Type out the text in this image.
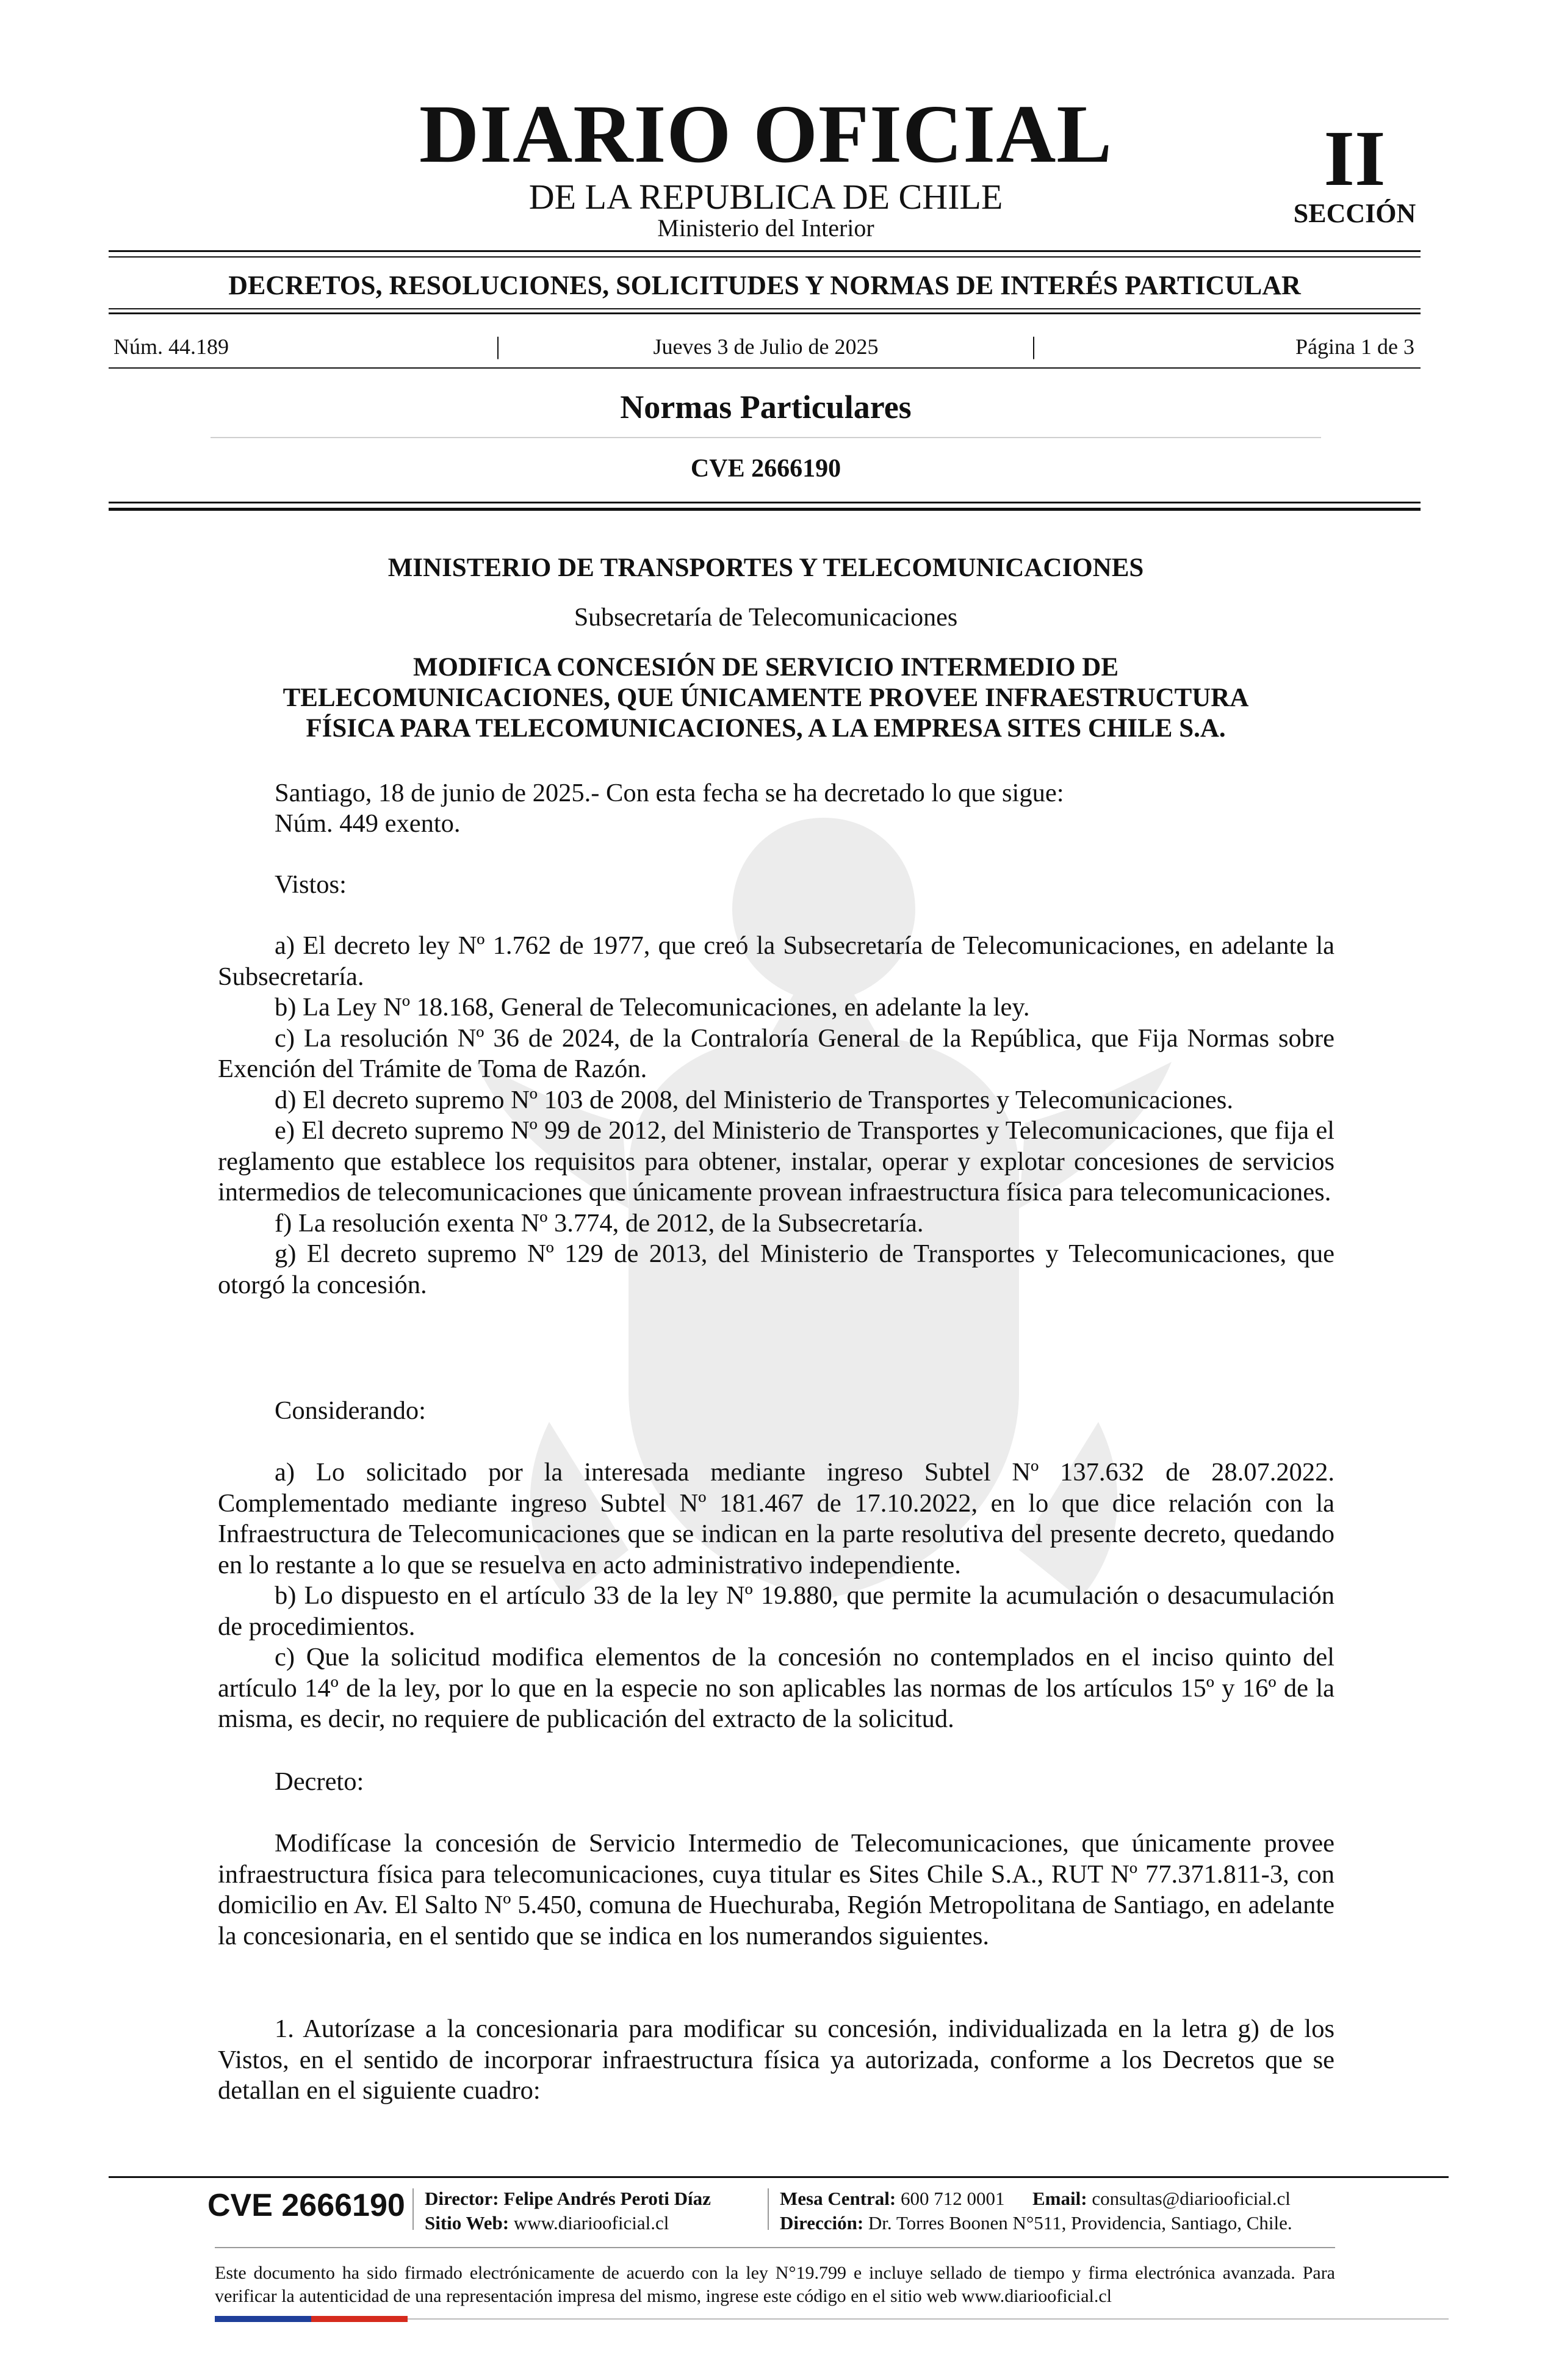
DIARIO OFICIAL
DE LA REPUBLICA DE CHILE
Ministerio del Interior
II
SECCIÓN
DECRETOS, RESOLUCIONES, SOLICITUDES Y NORMAS DE INTERÉS PARTICULAR
Núm. 44.189	|	Jueves 3 de Julio de 2025	|	Página 1 de 3
Normas Particulares
CVE 2666190
MINISTERIO DE TRANSPORTES Y TELECOMUNICACIONES
Subsecretaría de Telecomunicaciones
MODIFICA CONCESIÓN DE SERVICIO INTERMEDIO DE
TELECOMUNICACIONES, QUE ÚNICAMENTE PROVEE INFRAESTRUCTURA
FÍSICA PARA TELECOMUNICACIONES, A LA EMPRESA SITES CHILE S.A.
Santiago, 18 de junio de 2025.- Con esta fecha se ha decretado lo que sigue:
Núm. 449 exento.
Vistos:

a) El decreto ley Nº 1.762 de 1977, que creó la Subsecretaría de Telecomunicaciones, en adelante la Subsecretaría.

b) La Ley Nº 18.168, General de Telecomunicaciones, en adelante la ley.

c) La resolución Nº 36 de 2024, de la Contraloría General de la República, que Fija Normas sobre Exención del Trámite de Toma de Razón.

d) El decreto supremo Nº 103 de 2008, del Ministerio de Transportes y Telecomunicaciones.

e) El decreto supremo Nº 99 de 2012, del Ministerio de Transportes y Telecomunicaciones, que fija el reglamento que establece los requisitos para obtener, instalar, operar y explotar concesiones de servicios intermedios de telecomunicaciones que únicamente provean infraestructura física para telecomunicaciones.

f) La resolución exenta Nº 3.774, de 2012, de la Subsecretaría.

g) El decreto supremo Nº 129 de 2013, del Ministerio de Transportes y Telecomunicaciones, que otorgó la concesión.

Considerando:

a) Lo solicitado por la interesada mediante ingreso Subtel Nº 137.632 de 28.07.2022. Complementado mediante ingreso Subtel Nº 181.467 de 17.10.2022, en lo que dice relación con la Infraestructura de Telecomunicaciones que se indican en la parte resolutiva del presente decreto, quedando en lo restante a lo que se resuelva en acto administrativo independiente.

b) Lo dispuesto en el artículo 33 de la ley Nº 19.880, que permite la acumulación o desacumulación de procedimientos.

c) Que la solicitud modifica elementos de la concesión no contemplados en el inciso quinto del artículo 14º de la ley, por lo que en la especie no son aplicables las normas de los artículos 15º y 16º de la misma, es decir, no requiere de publicación del extracto de la solicitud.

Decreto:

Modifícase la concesión de Servicio Intermedio de Telecomunicaciones, que únicamente provee infraestructura física para telecomunicaciones, cuya titular es Sites Chile S.A., RUT Nº 77.371.811-3, con domicilio en Av. El Salto Nº 5.450, comuna de Huechuraba, Región Metropolitana de Santiago, en adelante la concesionaria, en el sentido que se indica en los numerandos siguientes.

1. Autorízase a la concesionaria para modificar su concesión, individualizada en la letra g) de los Vistos, en el sentido de incorporar infraestructura física ya autorizada, conforme a los Decretos que se detallan en el siguiente cuadro:

CVE 2666190 Director: Felipe Andrés Peroti Díaz
Sitio Web: www.diariooficial.cl
Mesa Central: 600 712 0001 Email: consultas@diariooficial.cl
Dirección: Dr. Torres Boonen N°511, Providencia, Santiago, Chile.
Este documento ha sido firmado electrónicamente de acuerdo con la ley N°19.799 e incluye sellado de tiempo y firma electrónica avanzada. Para verificar la autenticidad de una representación impresa del mismo, ingrese este código en el sitio web www.diariooficial.cl
